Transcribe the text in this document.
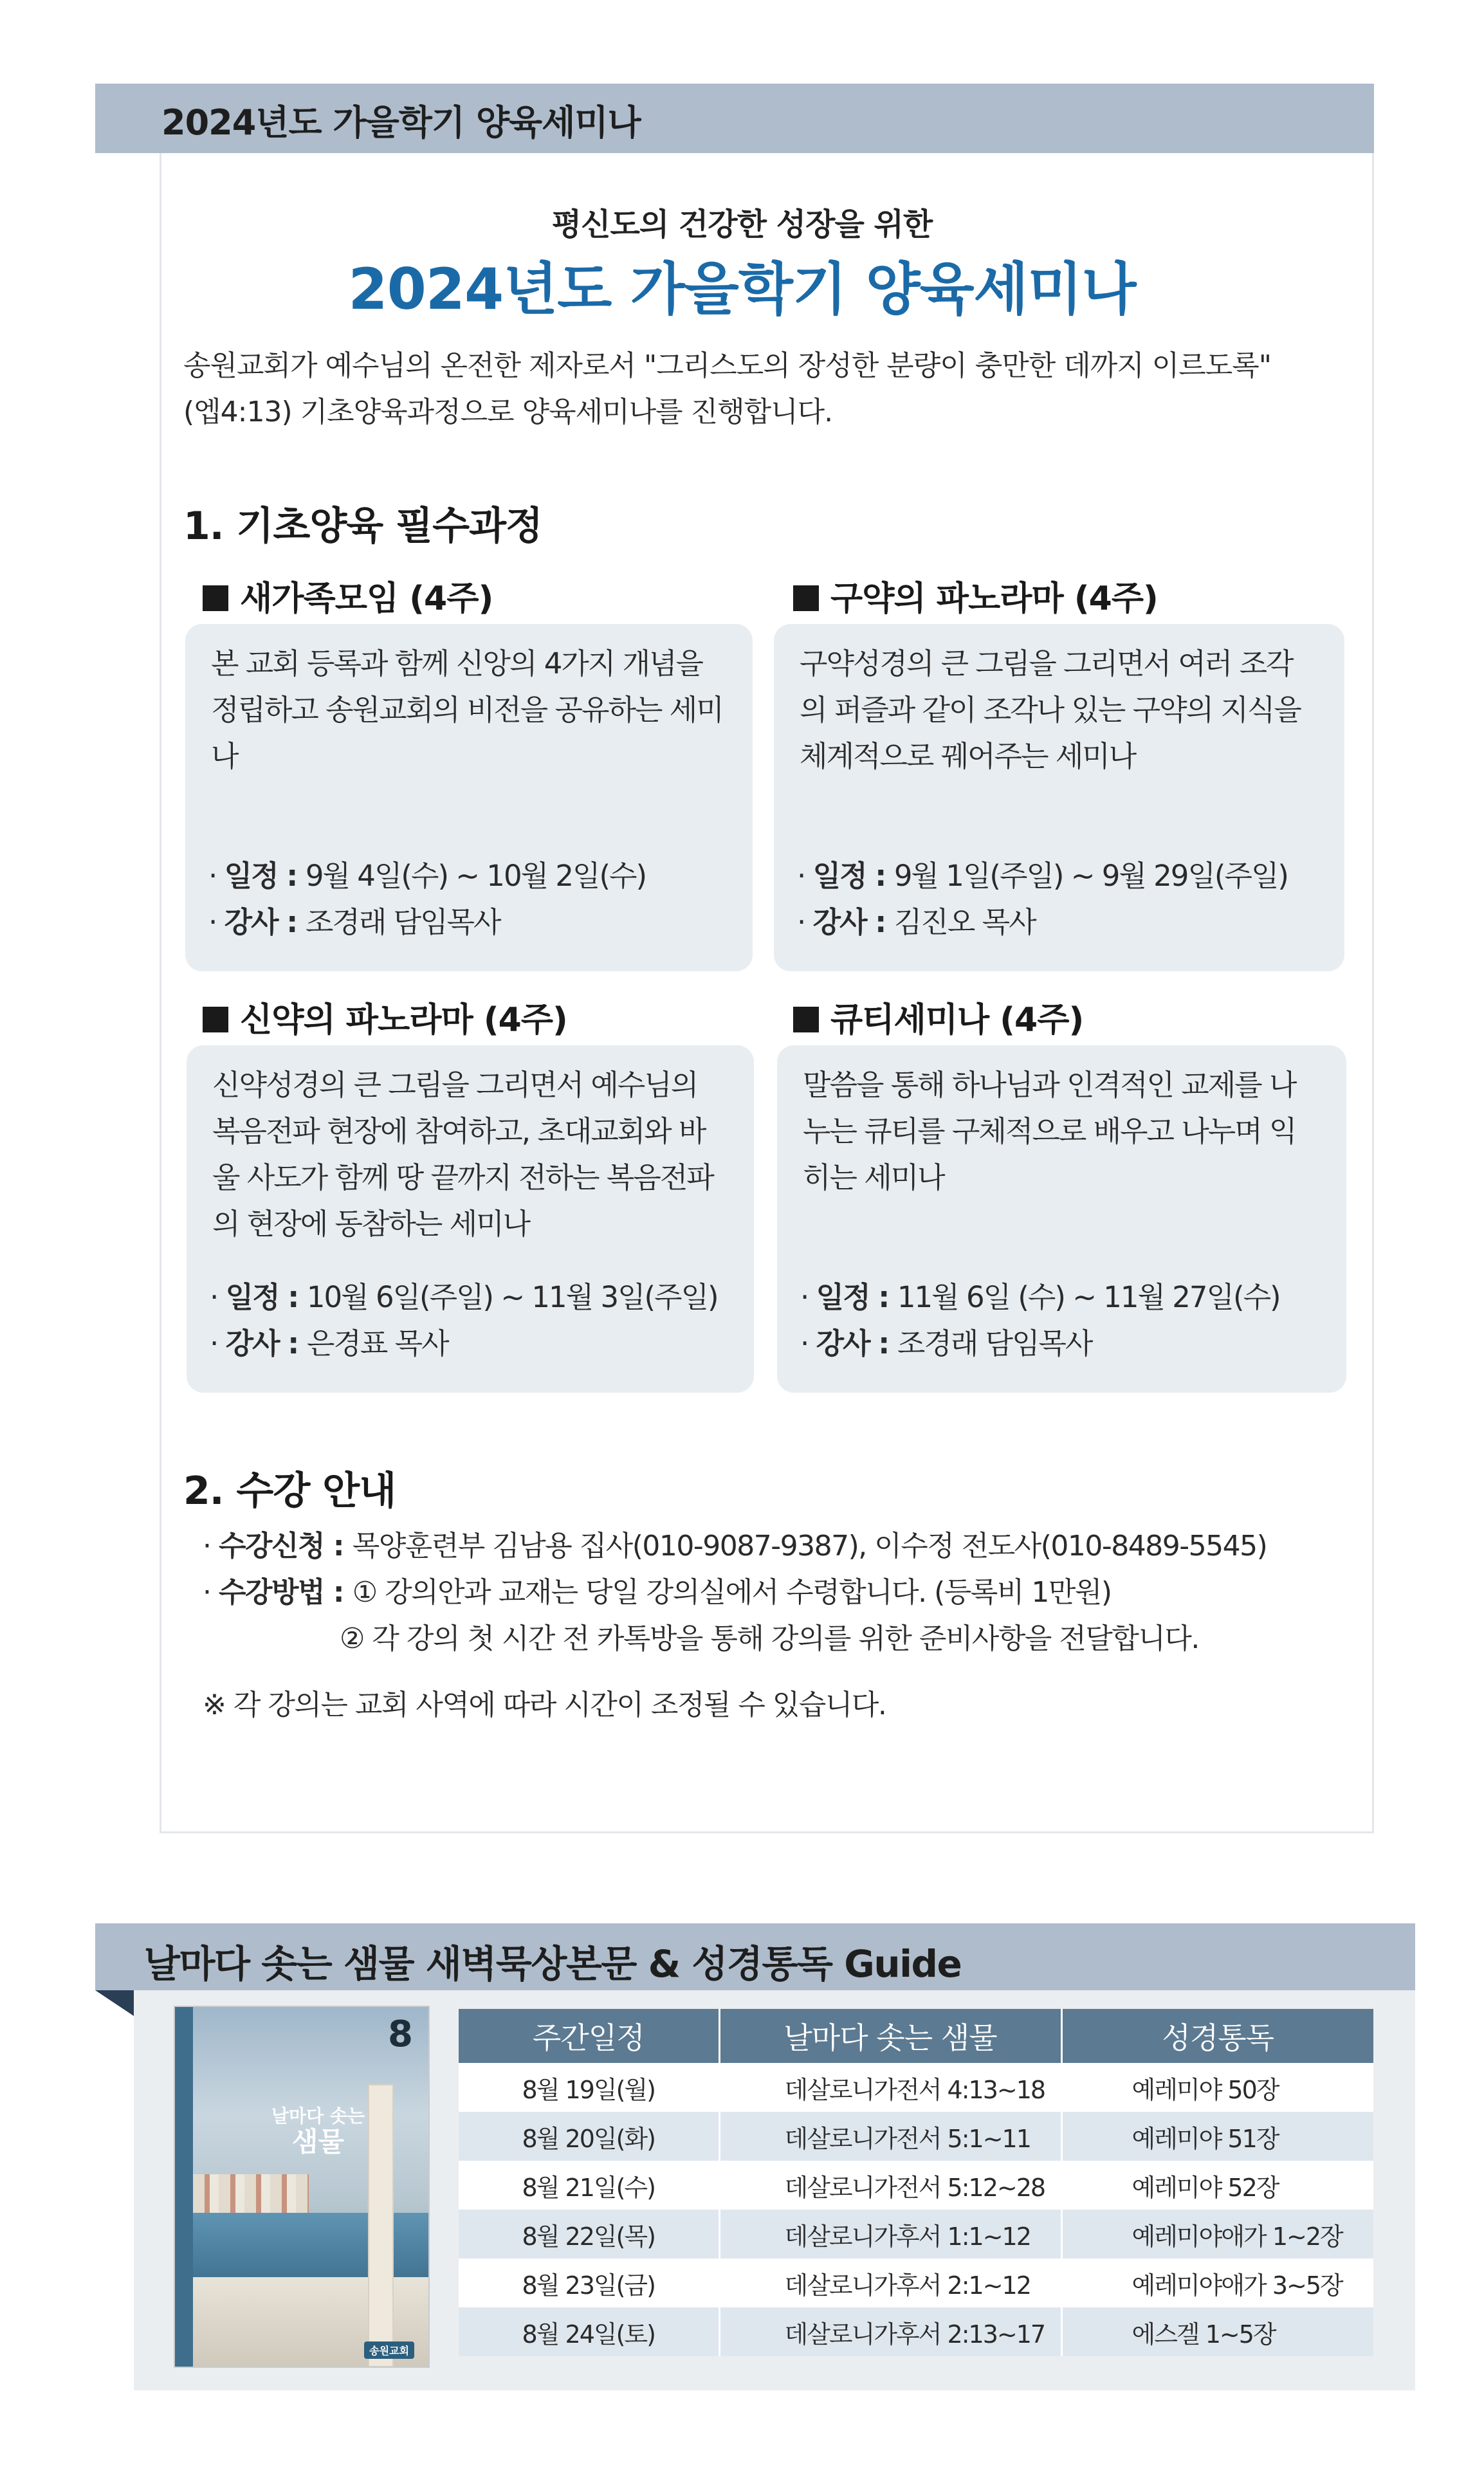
2024년도 가을학기 양육세미나
평신도의 건강한 성장을 위한
2024년도 가을학기 양육세미나
송원교회가 예수님의 온전한 제자로서 "그리스도의 장성한 분량이 충만한 데까지 이르도록"
(엡4:13) 기초양육과정으로 양육세미나를 진행합니다.
1. 기초양육 필수과정
새가족모임 (4주)
본 교회 등록과 함께 신앙의 4가지 개념을 정립하고 송원교회의 비전을 공유하는 세미나
· 일정 : 9월 4일(수) ~ 10월 2일(수)
· 강사 : 조경래 담임목사
구약의 파노라마 (4주)
구약성경의 큰 그림을 그리면서 여러 조각의 퍼즐과 같이 조각나 있는 구약의 지식을 체계적으로 꿰어주는 세미나
· 일정 : 9월 1일(주일) ~ 9월 29일(주일)
· 강사 : 김진오 목사
신약의 파노라마 (4주)
신약성경의 큰 그림을 그리면서 예수님의 복음전파 현장에 참여하고, 초대교회와 바울 사도가 함께 땅 끝까지 전하는 복음전파의 현장에 동참하는 세미나
· 일정 : 10월 6일(주일) ~ 11월 3일(주일)
· 강사 : 은경표 목사
큐티세미나 (4주)
말씀을 통해 하나님과 인격적인 교제를 나누는 큐티를 구체적으로 배우고 나누며 익히는 세미나
· 일정 : 11월 6일 (수) ~ 11월 27일(수)
· 강사 : 조경래 담임목사
2. 수강 안내
· 수강신청 : 목양훈련부 김남용 집사(010-9087-9387), 이수정 전도사(010-8489-5545)
· 수강방법 : ① 강의안과 교재는 당일 강의실에서 수령합니다. (등록비 1만원)
② 각 강의 첫 시간 전 카톡방을 통해 강의를 위한 준비사항을 전달합니다.
※ 각 강의는 교회 사역에 따라 시간이 조정될 수 있습니다.
날마다 솟는 샘물 새벽묵상본문 & 성경통독 Guide
8
날마다 솟는
샘물
송원교회
주간일정	날마다 솟는 샘물	성경통독
8월 19일(월)	데살로니가전서 4:13~18	예레미야 50장
8월 20일(화)	데살로니가전서 5:1~11	예레미야 51장
8월 21일(수)	데살로니가전서 5:12~28	예레미야 52장
8월 22일(목)	데살로니가후서 1:1~12	예레미야애가 1~2장
8월 23일(금)	데살로니가후서 2:1~12	예레미야애가 3~5장
8월 24일(토)	데살로니가후서 2:13~17	에스겔 1~5장
